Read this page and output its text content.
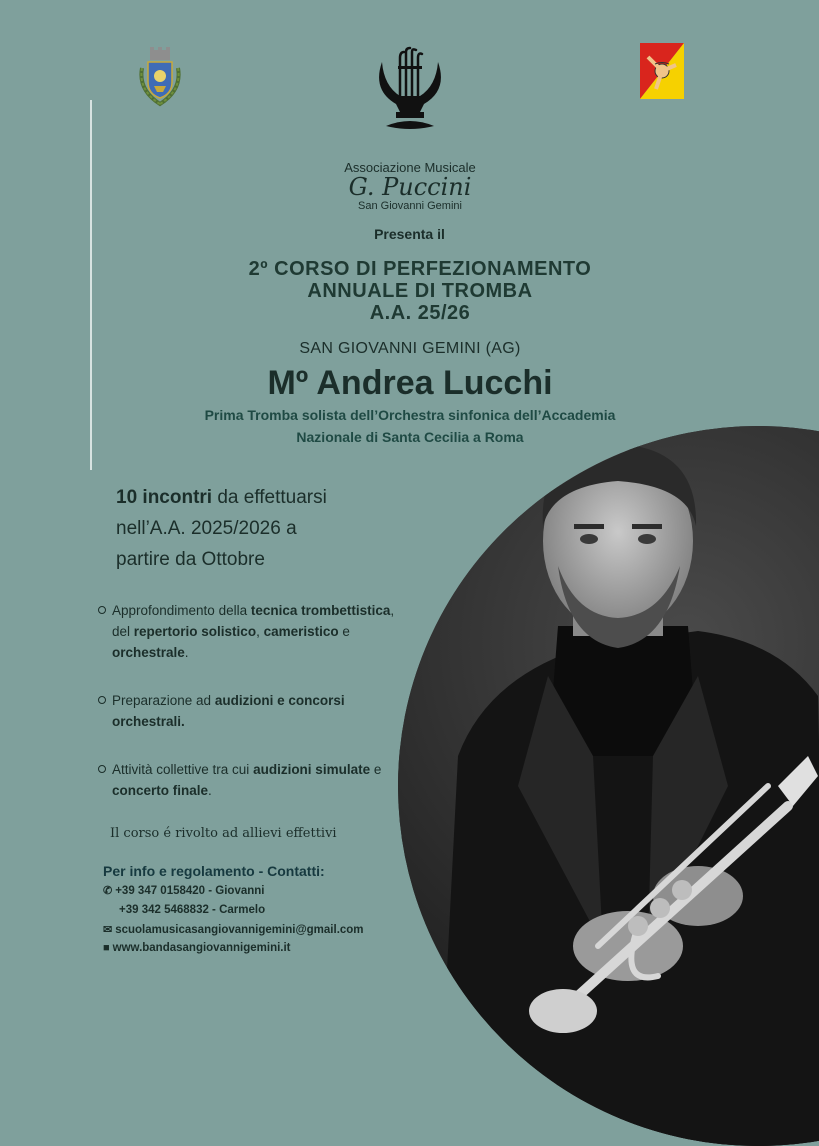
Associazione Musicale
G. Puccini
San Giovanni Gemini
Presenta il
2º CORSO DI PERFEZIONAMENTO
ANNUALE DI TROMBA
A.A. 25/26
SAN GIOVANNI GEMINI (AG)
Mº Andrea Lucchi
Prima Tromba solista dell’Orchestra sinfonica dell’Accademia
Nazionale di Santa Cecilia a Roma
10 incontri da effettuarsi
nell’A.A. 2025/2026 a
partire da Ottobre
Approfondimento della tecnica trombettistica, del repertorio solistico, cameristico e orchestrale.
Preparazione ad audizioni e concorsi orchestrali.
Attività collettive tra cui audizioni simulate e concerto finale.
Il corso é rivolto ad allievi effettivi
Per info e regolamento - Contatti:
✆ +39 347 0158420 - Giovanni
+39 342 5468832 - Carmelo
✉ scuolamusicasangiovannigemini@gmail.com
■ www.bandasangiovannigemini.it
